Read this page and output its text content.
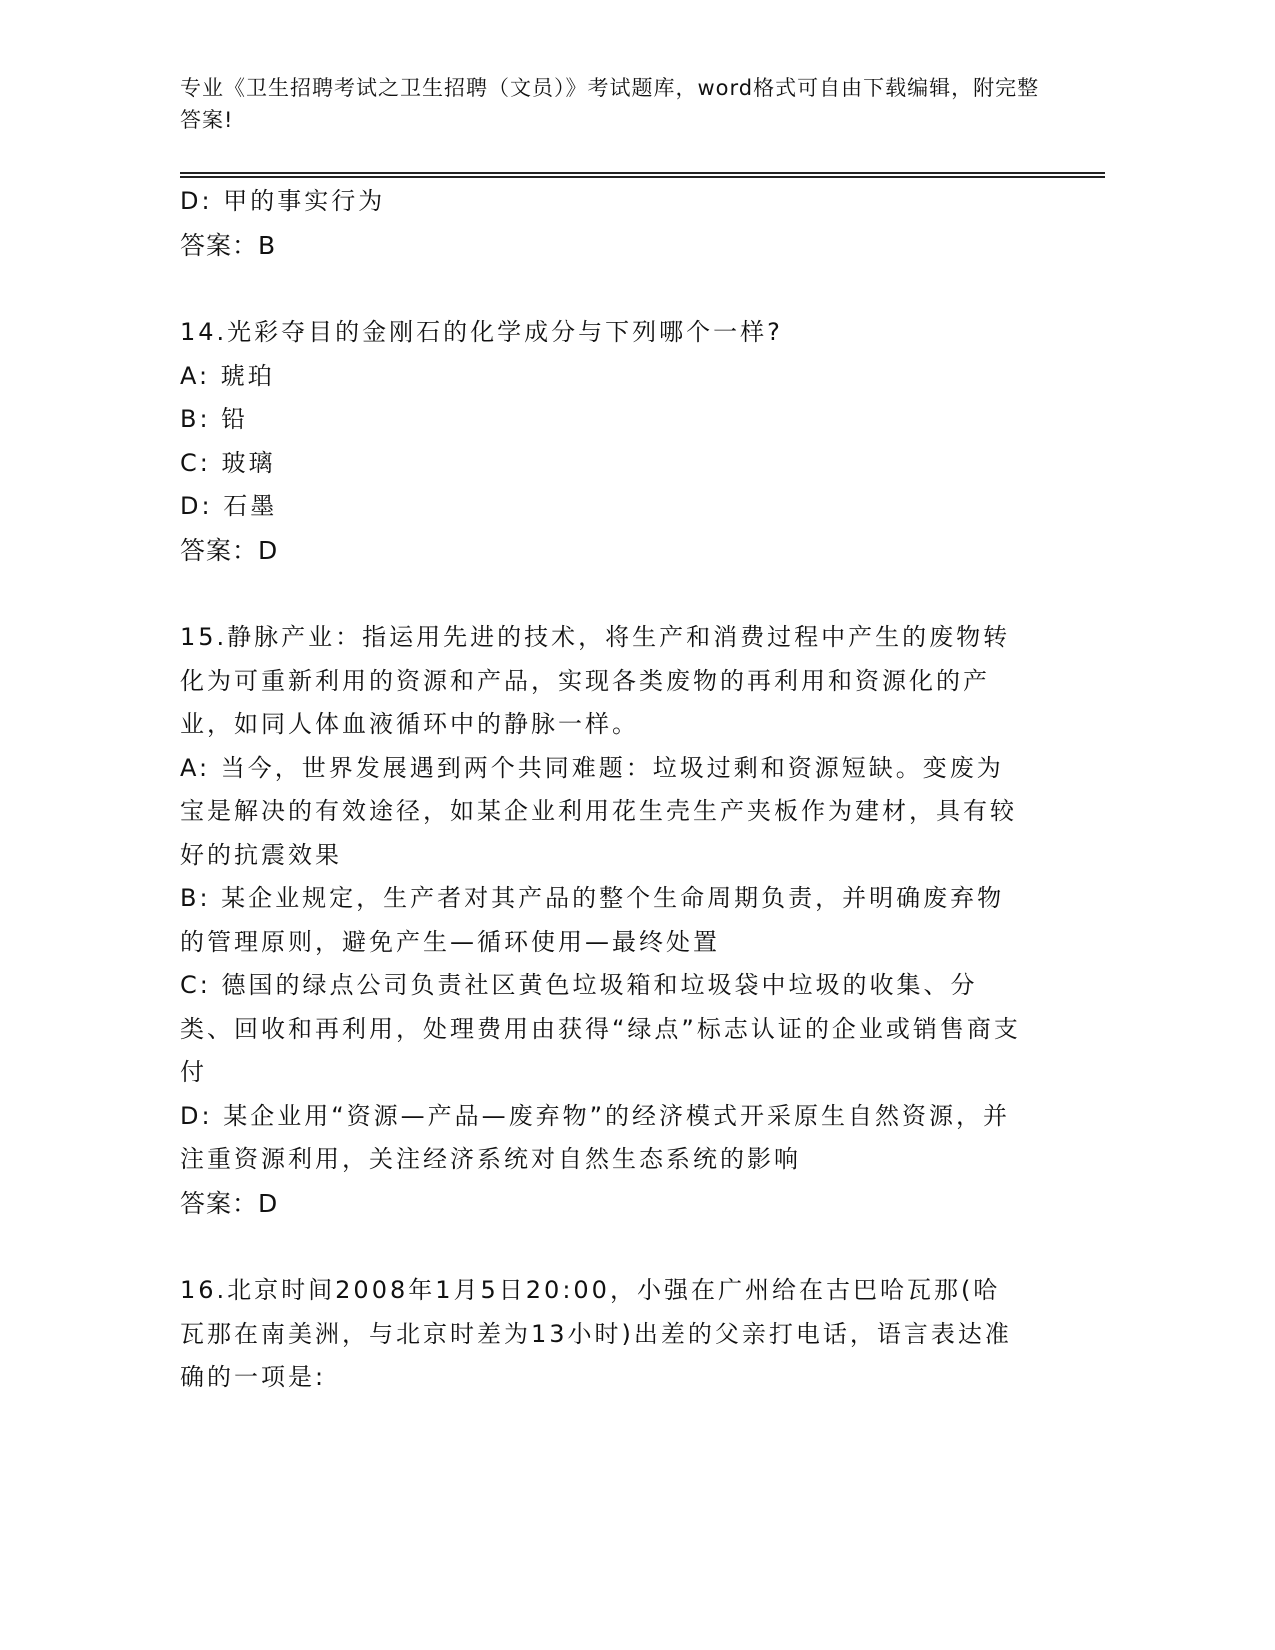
专业《卫生招聘考试之卫生招聘（文员）》考试题库，word格式可自由下载编辑，附完整答案!
D: 甲的事实行为
答案：B
14.光彩夺目的金刚石的化学成分与下列哪个一样?
A: 琥珀
B: 铅
C: 玻璃
D: 石墨
答案：D
15.静脉产业：指运用先进的技术，将生产和消费过程中产生的废物转化为可重新利用的资源和产品，实现各类废物的再利用和资源化的产业，如同人体血液循环中的静脉一样。
A: 当今，世界发展遇到两个共同难题：垃圾过剩和资源短缺。变废为宝是解决的有效途径，如某企业利用花生壳生产夹板作为建材，具有较好的抗震效果
B: 某企业规定，生产者对其产品的整个生命周期负责，并明确废弃物的管理原则，避免产生—循环使用—最终处置
C: 德国的绿点公司负责社区黄色垃圾箱和垃圾袋中垃圾的收集、分类、回收和再利用，处理费用由获得“绿点”标志认证的企业或销售商支付
D: 某企业用“资源—产品—废弃物”的经济模式开采原生自然资源，并注重资源利用，关注经济系统对自然生态系统的影响
答案：D
16.北京时间2008年1月5日20:00，小强在广州给在古巴哈瓦那(哈瓦那在南美洲，与北京时差为13小时)出差的父亲打电话，语言表达准确的一项是:
